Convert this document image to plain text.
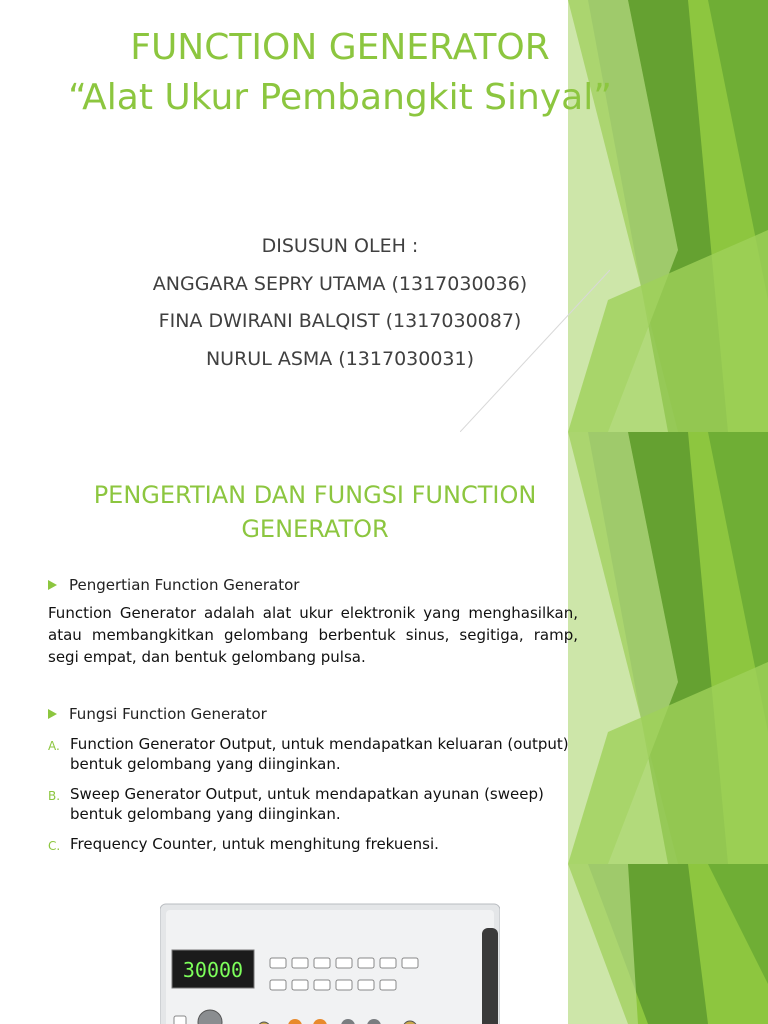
FUNCTION GENERATOR
“Alat Ukur Pembangkit Sinyal”
DISUSUN OLEH :
ANGGARA SEPRY UTAMA (1317030036)
FINA DWIRANI BALQIST (1317030087)
NURUL ASMA (1317030031)
PENGERTIAN DAN FUNGSI FUNCTION GENERATOR
Pengertian Function Generator
Function Generator adalah alat ukur elektronik yang menghasilkan, atau membangkitkan gelombang berbentuk sinus, segitiga, ramp, segi empat, dan bentuk gelombang pulsa.
Fungsi Function Generator
A. Function Generator Output, untuk mendapatkan keluaran (output) bentuk gelombang yang diinginkan.
B. Sweep Generator Output, untuk mendapatkan ayunan (sweep) bentuk gelombang yang diinginkan.
C. Frequency Counter, untuk menghitung frekuensi.
30000
